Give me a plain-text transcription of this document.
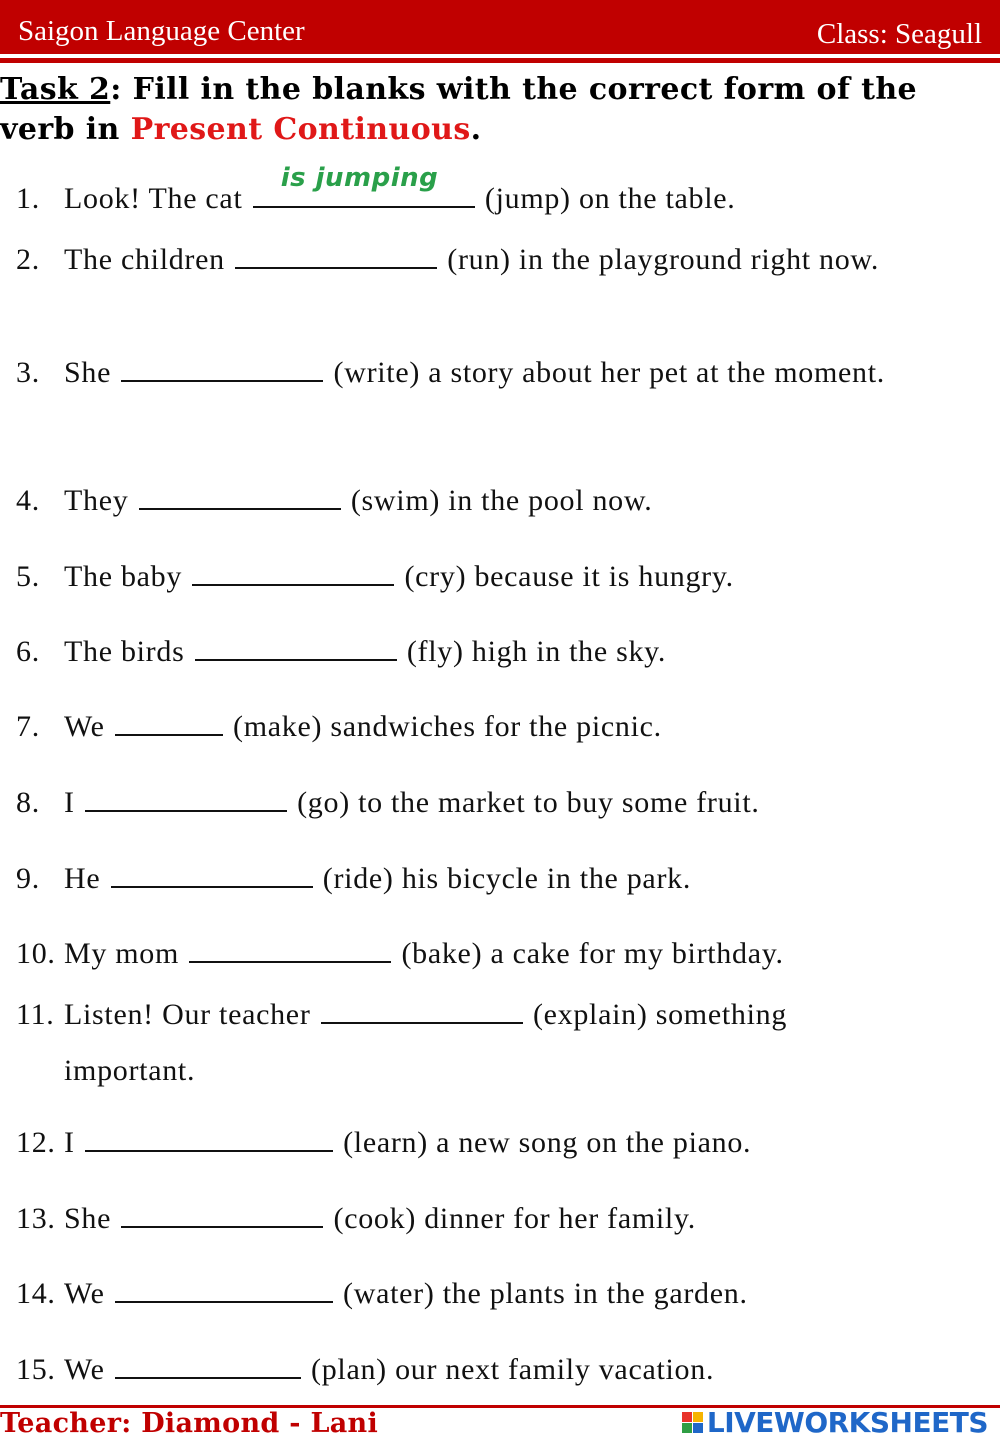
Saigon Language Center	Class: Seagull
Task 2: Fill in the blanks with the correct form of the verb in Present Continuous.
1. Look! The cat
is jumping
(jump) on the table.
2. The children	(run) in the playground right now.
3. She	(write) a story about her pet at the moment.
4. They	(swim) in the pool now.
5. The baby	(cry) because it is hungry.
6. The birds	(fly) high in the sky.
7. We	(make) sandwiches for the picnic.
8. I	(go) to the market to buy some fruit.
9. He	(ride) his bicycle in the park.
10. My mom	(bake) a cake for my birthday.
11. Listen! Our teacher	(explain) something important.
12. I	(learn) a new song on the piano.
13. She	(cook) dinner for her family.
14. We	(water) the plants in the garden.
15. We	(plan) our next family vacation.
Teacher: Diamond - Lani	LIVEWORKSHEETS
